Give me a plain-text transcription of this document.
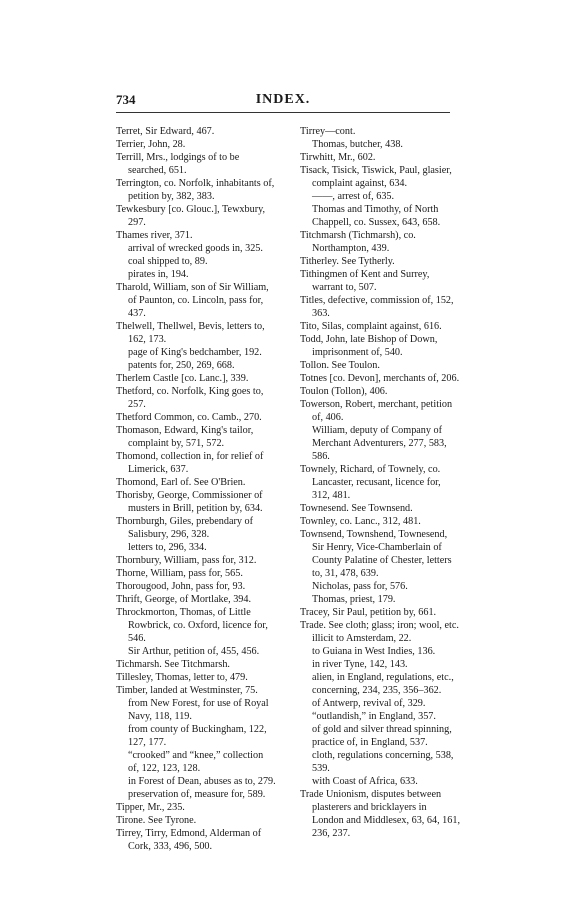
734	INDEX.

Terret, Sir Edward, 467.

Terrier, John, 28.

Terrill, Mrs., lodgings of to be searched, 651.

Terrington, co. Norfolk, inhabitants of, petition by, 382, 383.

Tewkesbury [co. Glouc.], Tewxbury, 297.

Thames river, 371.

arrival of wrecked goods in, 325.

coal shipped to, 89.

pirates in, 194.

Tharold, William, son of Sir William, of Paunton, co. Lincoln, pass for, 437.

Thelwell, Thellwel, Bevis, letters to, 162, 173.

page of King's bedchamber, 192.

patents for, 250, 269, 668.

Therlem Castle [co. Lanc.], 339.

Thetford, co. Norfolk, King goes to, 257.

Thetford Common, co. Camb., 270.

Thomason, Edward, King's tailor, complaint by, 571, 572.

Thomond, collection in, for relief of Limerick, 637.

Thomond, Earl of. See O'Brien.

Thorisby, George, Commissioner of musters in Brill, petition by, 634.

Thornburgh, Giles, prebendary of Salisbury, 296, 328.

letters to, 296, 334.

Thornbury, William, pass for, 312.

Thorne, William, pass for, 565.

Thorougood, John, pass for, 93.

Thrift, George, of Mortlake, 394.

Throckmorton, Thomas, of Little Rowbrick, co. Oxford, licence for, 546.

Sir Arthur, petition of, 455, 456.

Tichmarsh. See Titchmarsh.

Tillesley, Thomas, letter to, 479.

Timber, landed at Westminster, 75.

from New Forest, for use of Royal Navy, 118, 119.

from county of Buckingham, 122, 127, 177.

“crooked” and “knee,” collection of, 122, 123, 128.

in Forest of Dean, abuses as to, 279.

preservation of, measure for, 589.

Tipper, Mr., 235.

Tirone. See Tyrone.

Tirrey, Tirry, Edmond, Alderman of Cork, 333, 496, 500.

Tirrey—cont.

Thomas, butcher, 438.

Tirwhitt, Mr., 602.

Tisack, Tisick, Tiswick, Paul, glasier, complaint against, 634.

——, arrest of, 635.

Thomas and Timothy, of North Chappell, co. Sussex, 643, 658.

Titchmarsh (Tichmarsh), co. Northampton, 439.

Titherley. See Tytherly.

Tithingmen of Kent and Surrey, warrant to, 507.

Titles, defective, commission of, 152, 363.

Tito, Silas, complaint against, 616.

Todd, John, late Bishop of Down, imprisonment of, 540.

Tollon. See Toulon.

Totnes [co. Devon], merchants of, 206.

Toulon (Tollon), 406.

Towerson, Robert, merchant, petition of, 406.

William, deputy of Company of Merchant Adventurers, 277, 583, 586.

Townely, Richard, of Townely, co. Lancaster, recusant, licence for, 312, 481.

Townesend. See Townsend.

Townley, co. Lanc., 312, 481.

Townsend, Townshend, Townesend, Sir Henry, Vice-Chamberlain of County Palatine of Chester, letters to, 31, 478, 639.

Nicholas, pass for, 576.

Thomas, priest, 179.

Tracey, Sir Paul, petition by, 661.

Trade. See cloth; glass; iron; wool, etc.

illicit to Amsterdam, 22.

to Guiana in West Indies, 136.

in river Tyne, 142, 143.

alien, in England, regulations, etc., concerning, 234, 235, 356–362.

of Antwerp, revival of, 329.

“outlandish,” in England, 357.

of gold and silver thread spinning, practice of, in England, 537.

cloth, regulations concerning, 538, 539.

with Coast of Africa, 633.

Trade Unionism, disputes between plasterers and bricklayers in London and Middlesex, 63, 64, 161, 236, 237.
